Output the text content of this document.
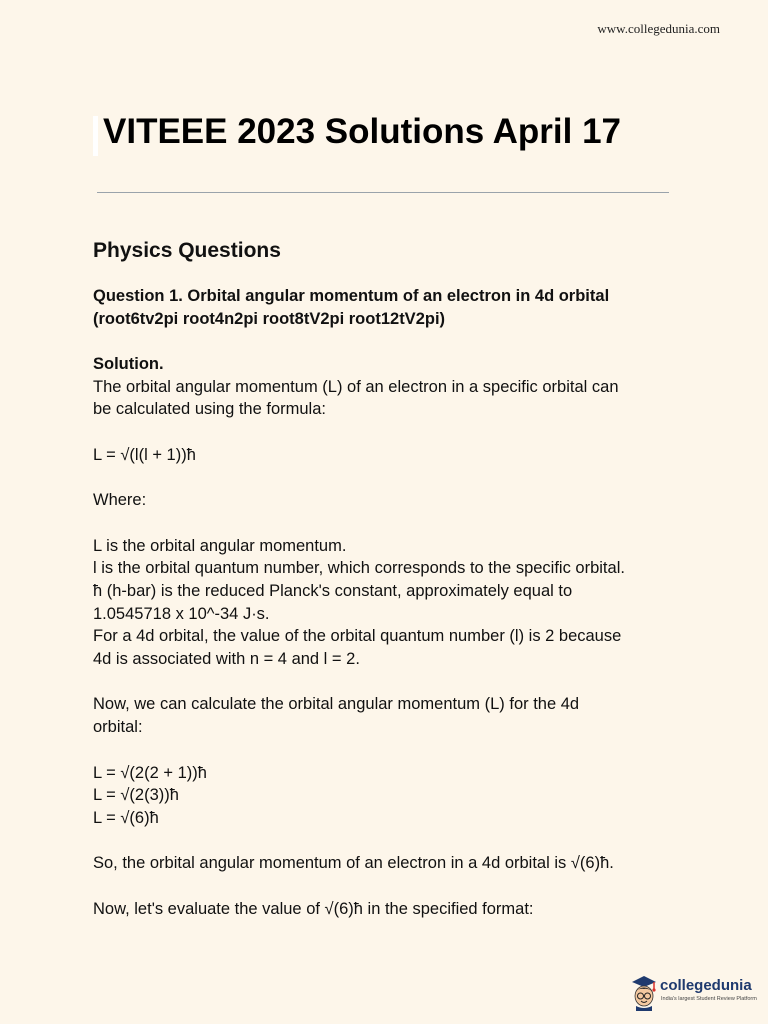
www.collegedunia.com
VITEEE 2023 Solutions April 17
Physics Questions

Question 1. Orbital angular momentum of an electron in 4d orbital (root6tv2pi root4n2pi root8tV2pi root12tV2pi)

Solution.
The orbital angular momentum (L) of an electron in a specific orbital can
be calculated using the formula:
L = √(l(l + 1))ħ
Where:
L is the orbital angular momentum.
l is the orbital quantum number, which corresponds to the specific orbital.
ħ (h-bar) is the reduced Planck's constant, approximately equal to
1.0545718 x 10^-34 J·s.
For a 4d orbital, the value of the orbital quantum number (l) is 2 because
4d is associated with n = 4 and l = 2.
Now, we can calculate the orbital angular momentum (L) for the 4d
orbital:
L = √(2(2 + 1))ħ
L = √(2(3))ħ
L = √(6)ħ
So, the orbital angular momentum of an electron in a 4d orbital is √(6)ħ.
Now, let's evaluate the value of √(6)ħ in the specified format:
collegedunia
India's largest Student Review Platform
